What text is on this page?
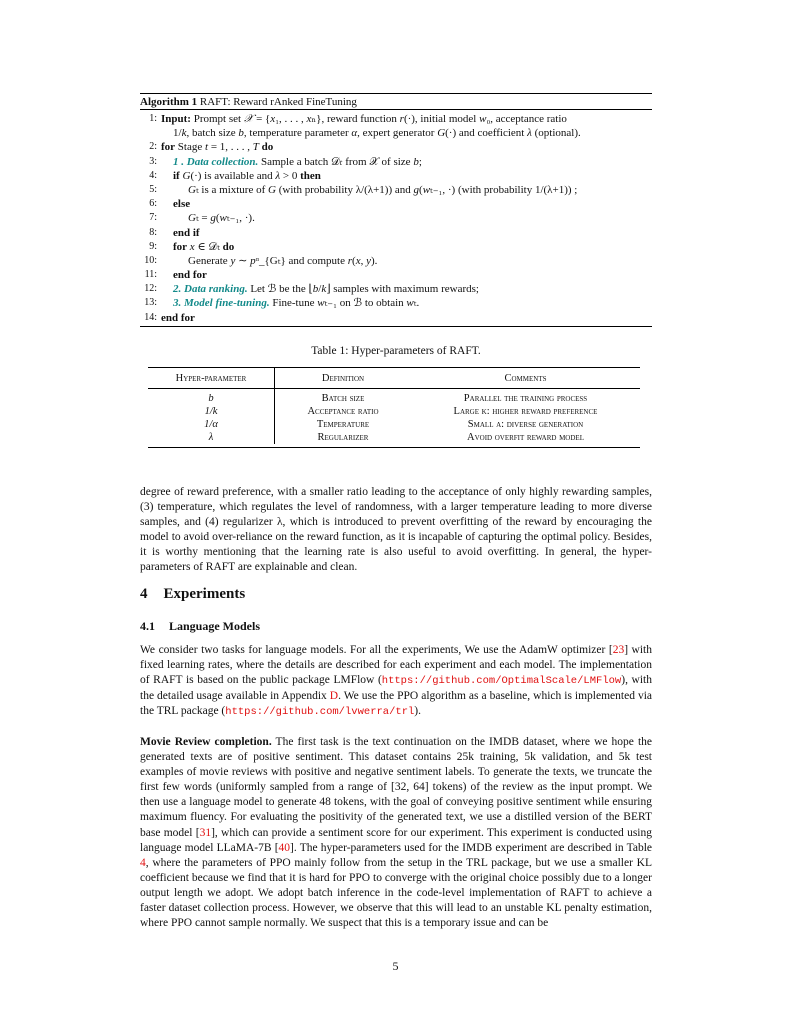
Algorithm 1 RAFT: Reward rAnked FineTuning
1: Input: Prompt set 𝒳 = {x₁, . . . , xₙ}, reward function r(·), initial model w₀, acceptance ratio
1/k, batch size b, temperature parameter α, expert generator G(·) and coefficient λ (optional).
2: for Stage t = 1, . . . , T do
3: 1 . Data collection. Sample a batch 𝒟ₜ from 𝒳 of size b;
4: if G(·) is available and λ > 0 then
5:	Gₜ is a mixture of G (with probability λ/(λ+1)) and g(wₜ₋₁, ·) (with probability 1/(λ+1)) ;
6: else
7:	Gₜ = g(wₜ₋₁, ·).
8: end if
9: for x ∈ 𝒟ₜ do
10:	Generate y ∼ pᵅ_{Gₜ} and compute r(x, y).
11: end for
12: 2. Data ranking. Let ℬ be the ⌊b/k⌋ samples with maximum rewards;
13: 3. Model fine-tuning. Fine-tune wₜ₋₁ on ℬ to obtain wₜ.
14: end for
Table 1: Hyper-parameters of RAFT.
Hyper-parameter	Definition	Comments
b	Batch size	Parallel the training process
1/k	Acceptance ratio	Large k: higher reward preference
1/α	Temperature	Small α: diverse generation
λ	Regularizer	Avoid overfit reward model
degree of reward preference, with a smaller ratio leading to the acceptance of only highly rewarding samples, (3) temperature, which regulates the level of randomness, with a larger temperature leading to more diverse samples, and (4) regularizer λ, which is introduced to prevent overfitting of the reward by encouraging the model to avoid over-reliance on the reward function, as it is incapable of capturing the optimal policy. Besides, it is worthy mentioning that the learning rate is also useful to avoid overfitting. In general, the hyper-parameters of RAFT are explainable and clean.
4 Experiments
4.1 Language Models
We consider two tasks for language models. For all the experiments, We use the AdamW optimizer [23] with fixed learning rates, where the details are described for each experiment and each model. The implementation of RAFT is based on the public package LMFlow (https://github.com/OptimalScale/LMFlow), with the detailed usage available in Appendix D. We use the PPO algorithm as a baseline, which is implemented via the TRL package (https://github.com/lvwerra/trl).
Movie Review completion. The first task is the text continuation on the IMDB dataset, where we hope the generated texts are of positive sentiment. This dataset contains 25k training, 5k validation, and 5k test examples of movie reviews with positive and negative sentiment labels. To generate the texts, we truncate the first few words (uniformly sampled from a range of [32, 64] tokens) of the review as the input prompt. We then use a language model to generate 48 tokens, with the goal of conveying positive sentiment while ensuring maximum fluency. For evaluating the positivity of the generated text, we use a distilled version of the BERT base model [31], which can provide a sentiment score for our experiment. This experiment is conducted using language model LLaMA-7B [40]. The hyper-parameters used for the IMDB experiment are described in Table 4, where the parameters of PPO mainly follow from the setup in the TRL package, but we use a smaller KL coefficient because we find that it is hard for PPO to converge with the original choice possibly due to a longer output length we adopt. We adopt batch inference in the code-level implementation of RAFT to achieve a faster dataset collection process. However, we observe that this will lead to an unstable KL penalty estimation, where PPO cannot sample normally. We suspect that this is a temporary issue and can be
5
